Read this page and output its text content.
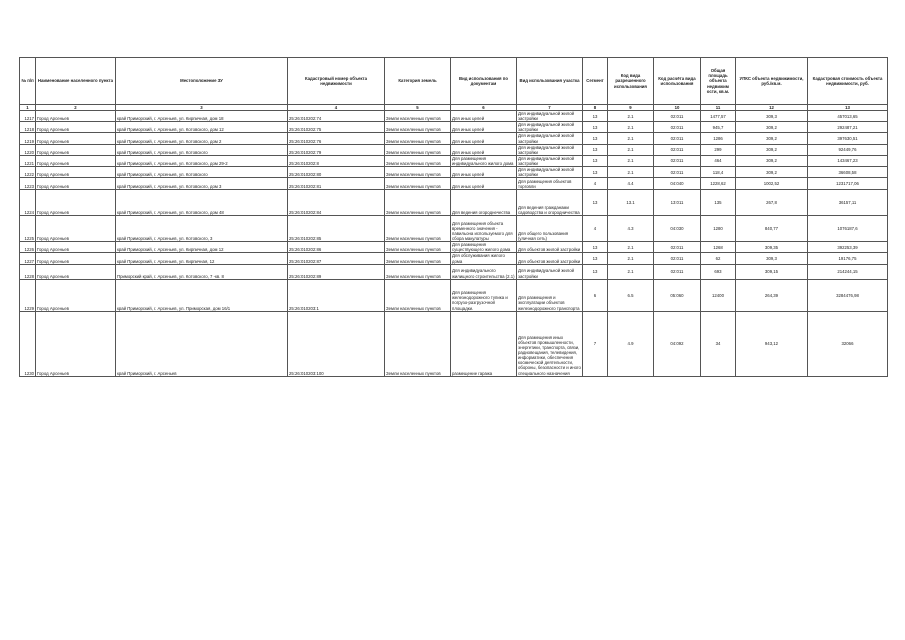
№ п/п	Наименование населенного пункта	Местоположение ЗУ	Кадастровый номер объекта недвижимости	Категория земель	Вид использования по документам	Вид использования участка	Сегмент	Код вида разрешенного использования	Код расчёта вида использования	Общая площадь объекта недвижим ости, кв.м.	УПКС объекта недвижимости, руб./кв.м.	Кадастровая стоимость объекта недвижимости, руб.
1	2	3	4	5	6	7	8	9	10	11	12	13
1217	Город Арсеньев	край Приморский, г. Арсеньев, ул. Кирпичная, дом 18	25:26:010202:74	Земли населенных пунктов	Для иных целей	Для индивидуальной жилой застройки	13	2.1	02:011	1477,57	309,3	457013,65
1218	Город Арсеньев	край Приморский, г. Арсеньев, ул. Котовского, дом 12	25:26:010202:75	Земли населенных пунктов	Для иных целей	Для индивидуальной жилой застройки	13	2.1	02:011	945,7	309,2	292487,21
1219	Город Арсеньев	край Приморский, г. Арсеньев, ул. Котовского, дом 2	25:26:010202:76	Земли населенных пунктов	Для иных целей	Для индивидуальной жилой застройки	13	2.1	02:011	1286	309,2	397630,51
1220	Город Арсеньев	край Приморский, г. Арсеньев, ул. Котовского	25:26:010202:79	Земли населенных пунктов	Для иных целей	Для индивидуальной жилой застройки	13	2.1	02:011	299	309,2	92449,76
1221	Город Арсеньев	край Приморский, г. Арсеньев, ул. Котовского, дом 29-2	25:26:010202:8	Земли населенных пунктов	Для размещения индивидуального жилого дома	Для индивидуальной жилой застройки	13	2.1	02:011	464	309,2	143467,23
1222	Город Арсеньев	край Приморский, г. Арсеньев, ул. Котовского	25:26:010202:80	Земли населенных пунктов	Для иных целей	Для индивидуальной жилой застройки	13	2.1	02:011	118,4	309,2	36608,58
1223	Город Арсеньев	край Приморский, г. Арсеньев, ул. Котовского, дом 3	25:26:010202:81	Земли населенных пунктов	Для иных целей	Для размещения объектов торговли	4	4.4	04:040	1228,62	1002,52	1231717,06
1224	Город Арсеньев	край Приморский, г. Арсеньев, ул. Котовского, дом 48	25:26:010202:84	Земли населенных пунктов	Для ведения огороднечества	Для ведения гражданами садоводства и огородничества	13	13.1	13:011	135	267,8	36157,11
1225	Город Арсеньев	край Приморский, г. Арсеньев, ул. Котовского, 3	25:26:010202:85	Земли населенных пунктов	Для размещения объекта временного значения - павильона используемого для сбора макулатуры	Для общего пользования (уличная сеть)	4	4.3	04:030	1280	840,77	1076187,6
1226	Город Арсеньев	край Приморский, г. Арсеньев, ул. Кирпичная, дом 12	25:26:010202:86	Земли населенных пунктов	Для размещения существующего жилого дома	Для объектов жилой застройки	13	2.1	02:011	1268	309,35	392253,39
1227	Город Арсеньев	край Приморский, г. Арсеньев, ул. Кирпичная, 12	25:26:010202:87	Земли населенных пунктов	Для обслуживания жилого дома	Для объектов жилой застройки	13	2.1	02:011	62	309,3	19176,75
1228	Город Арсеньев	Приморский край, г. Арсеньев, ул. Котовского, 7 -кв. 8	25:26:010202:89	Земли населенных пунктов	Для индивидуального жилищного строительства (2.1)	Для индивидуальной жилой застройки	13	2.1	02:011	693	309,15	214244,15
1229	Город Арсеньев	край Приморский, г. Арсеньев, ул. Приморская, дом 16/1	25:26:010203:1	Земли населенных пунктов	Для размещения железнодорожного тупика и погрузо-разгрузочной площадки.	Для размещения и эксплуатации объектов железнодорожного транспорта	6	6.5	05:060	12400	264,39	3284476,98
1230	Город Арсеньев	край Приморский, г. Арсеньев	25:26:010203:100	Земли населенных пунктов	размещение гаража	Для размещения иных объектов промышленности, энергетики, транспорта, связи, радиовещания, телевидения, информатики, обеспечения космической деятельности, обороны, безопасности и иного специального назначения	7	4.9	04:092	34	943,12	32066
